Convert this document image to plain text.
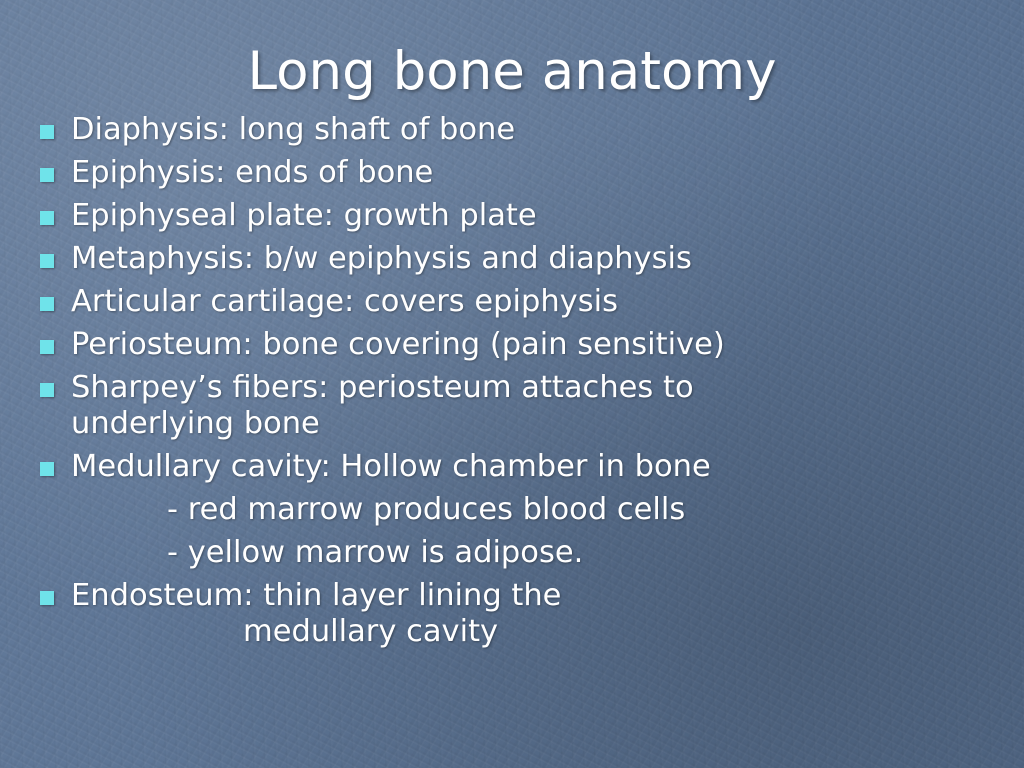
Long bone anatomy
Diaphysis: long shaft of bone
Epiphysis: ends of bone
Epiphyseal plate: growth plate
Metaphysis: b/w epiphysis and diaphysis
Articular cartilage: covers epiphysis
Periosteum: bone covering (pain sensitive)
Sharpey’s fibers: periosteum attaches to
underlying bone
Medullary cavity: Hollow chamber in bone
- red marrow produces blood cells
- yellow marrow is adipose.
Endosteum: thin layer lining the
medullary cavity
